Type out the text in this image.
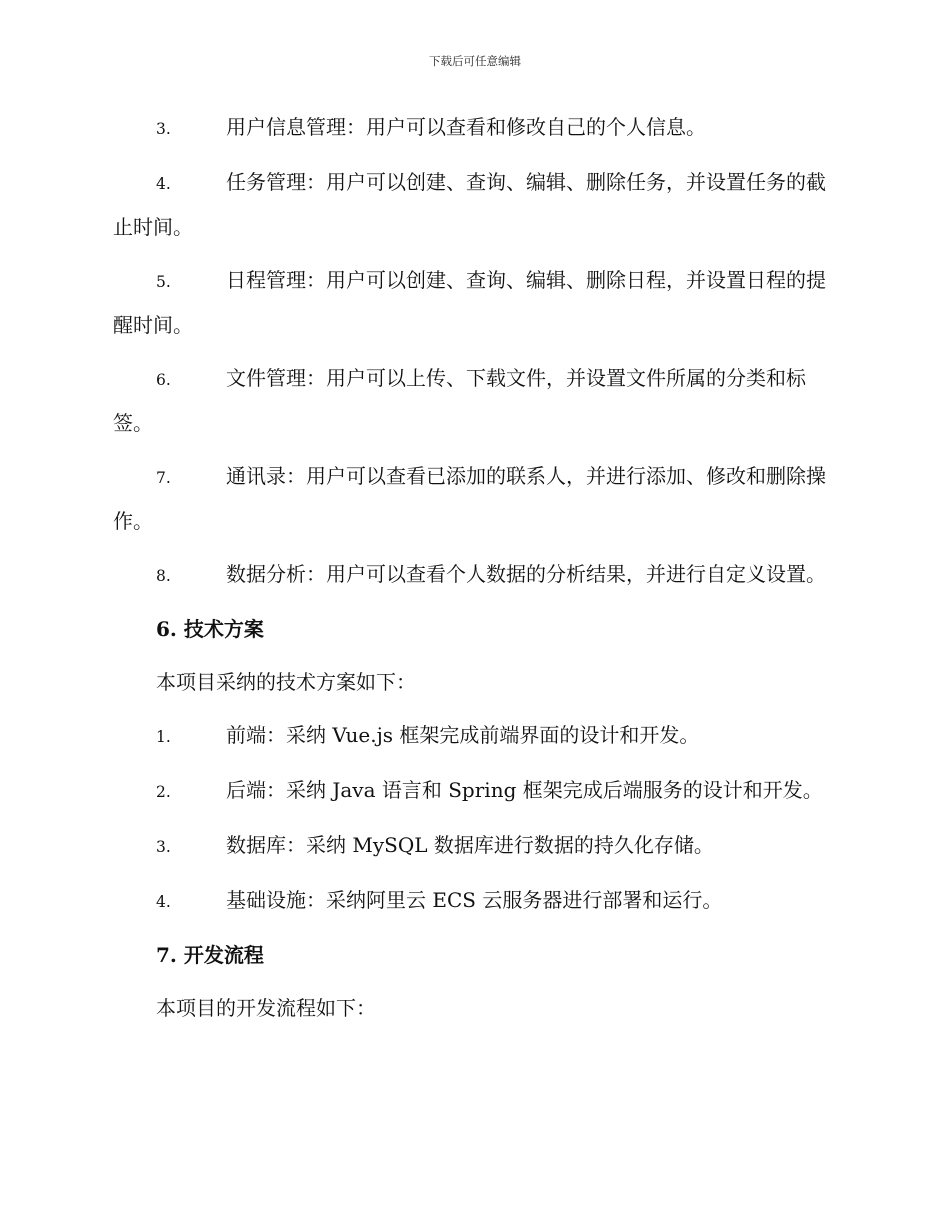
下载后可任意编辑
3.	用户信息管理：用户可以查看和修改自己的个人信息。
4.	任务管理：用户可以创建、查询、编辑、删除任务，并设置任务的截止时间。
5.	日程管理：用户可以创建、查询、编辑、删除日程，并设置日程的提醒时间。
6.	文件管理：用户可以上传、下载文件，并设置文件所属的分类和标签。
7.	通讯录：用户可以查看已添加的联系人，并进行添加、修改和删除操作。
8.	数据分析：用户可以查看个人数据的分析结果，并进行自定义设置。
6. 技术方案
本项目采纳的技术方案如下：
1.	前端：采纳 Vue.js 框架完成前端界面的设计和开发。
2.	后端：采纳 Java 语言和 Spring 框架完成后端服务的设计和开发。
3.	数据库：采纳 MySQL 数据库进行数据的持久化存储。
4.	基础设施：采纳阿里云 ECS 云服务器进行部署和运行。
7. 开发流程
本项目的开发流程如下：
